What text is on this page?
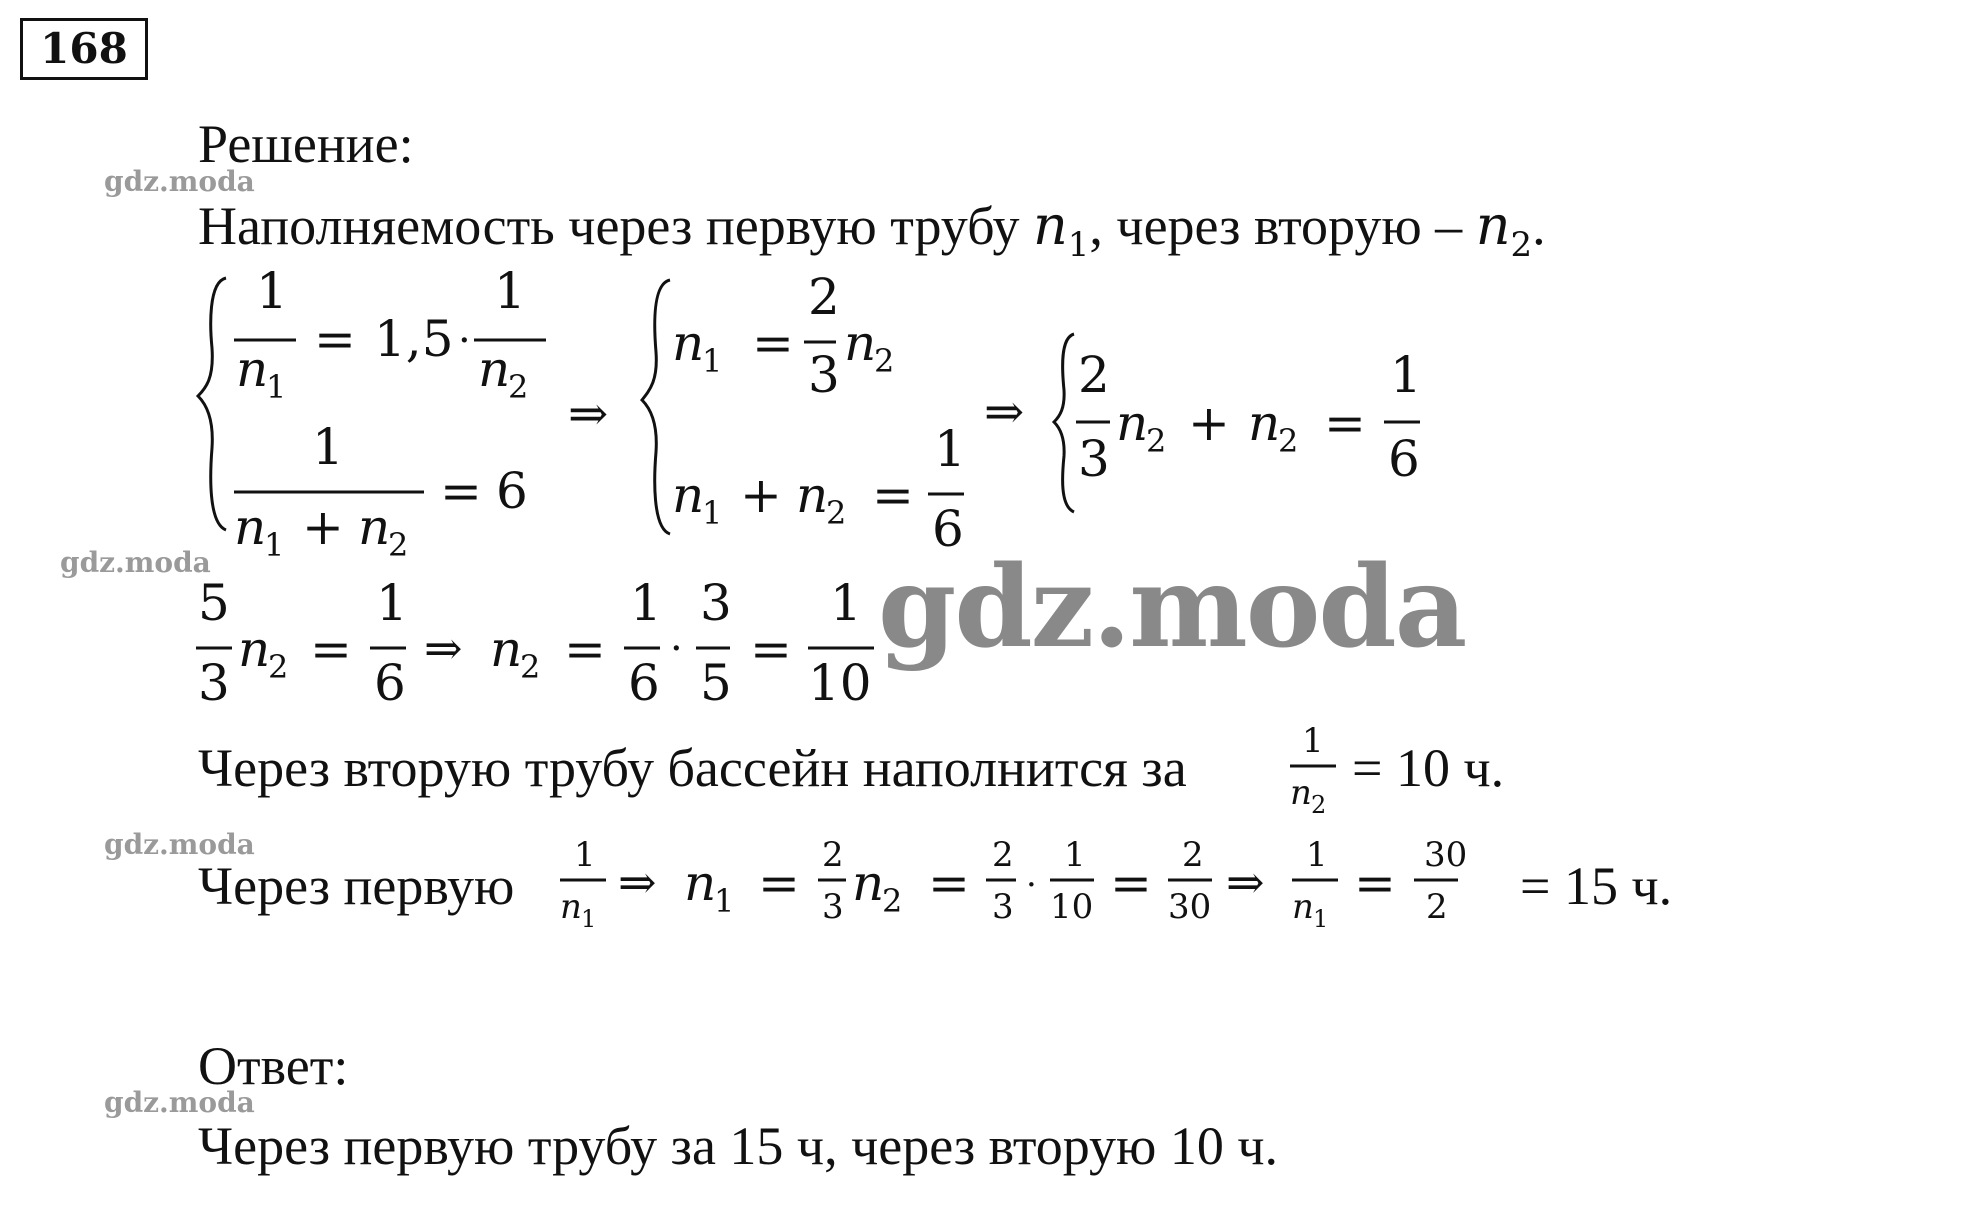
168
gdz.moda
gdz.moda
gdz.moda
gdz.moda
Решение:
Наполняемость через первую трубу $n_1$, через вторую – $n_2$.
1
n
1
= 1,5 ·
1
n
2
1
n
1 + n
2
= 6
⇒
n
1 =
2
3
n
2
n
1 + n
2 =
1
6
⇒
2
3
n
2 + n
2 =
1
6
5
3
n
2 =
1
6
⇒ n
2 =
1
6
·
3
5
=
1
10
gdz.moda
Через вторую трубу бассейн наполнится за	1
n 2
= 10 ч.
Через первую
1
n 1
⇒ n
1 = 2
3 n
2 = 2
3
·
1
10 = 2
30 ⇒ 1
n 1
= 30
2 = 15 ч.
Ответ:
Через первую трубу за 15 ч, через вторую 10 ч.
